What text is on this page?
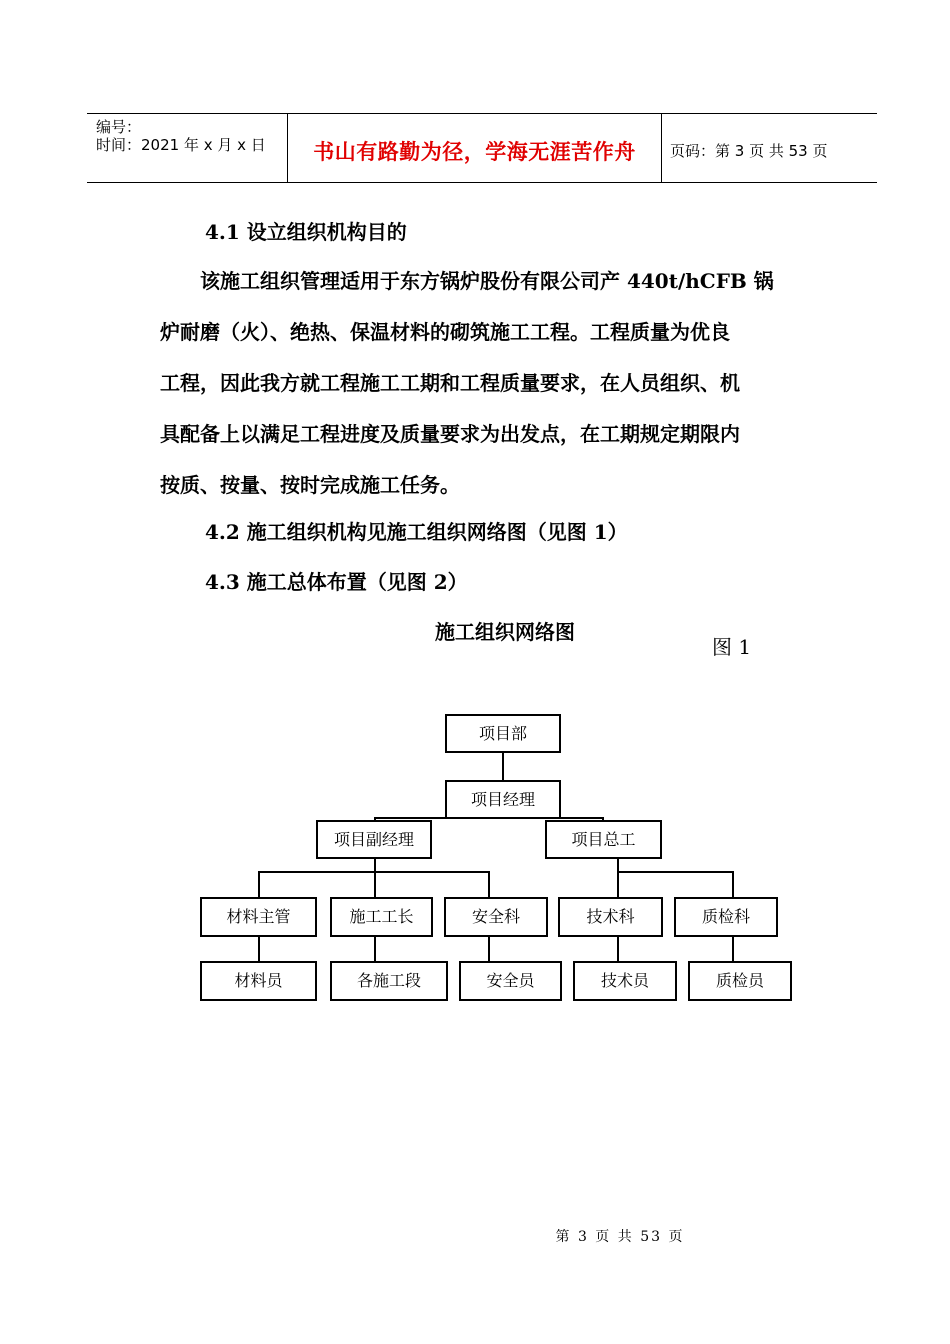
编号：
时间：2021 年 x 月 x 日	书山有路勤为径，学海无涯苦作舟	页码：第 3 页 共 53 页
4.1 设立组织机构目的
　　该施工组织管理适用于东方锅炉股份有限公司产 440t/hCFB 锅
炉耐磨（火）、绝热、保温材料的砌筑施工工程。工程质量为优良
工程，因此我方就工程施工工期和工程质量要求，在人员组织、机
具配备上以满足工程进度及质量要求为出发点，在工期规定期限内
按质、按量、按时完成施工任务。
4.2 施工组织机构见施工组织网络图（见图 1）
4.3 施工总体布置（见图 2）
施工组织网络图
图 1
项目部
项目经理
项目副经理	项目总工
材料主管	施工工长	安全科	技术科	质检科
材料员	各施工段	安全员	技术员	质检员
第 3 页 共 53 页
